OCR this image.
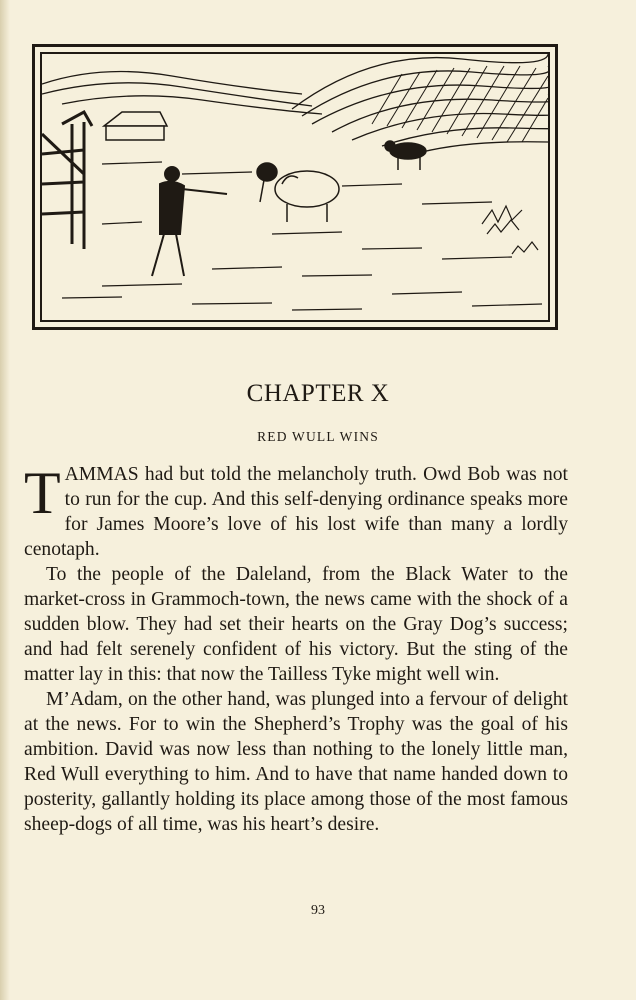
CHAPTER X
RED WULL WINS

TAMMAS had but told the melancholy truth. Owd Bob was not to run for the cup. And this self-denying ordinance speaks more for James Moore’s love of his lost wife than many a lordly cenotaph.

To the people of the Daleland, from the Black Water to the market-cross in Grammoch-town, the news came with the shock of a sudden blow. They had set their hearts on the Gray Dog’s success; and had felt serenely confident of his victory. But the sting of the matter lay in this: that now the Tailless Tyke might well win.

M’Adam, on the other hand, was plunged into a fervour of delight at the news. For to win the Shepherd’s Trophy was the goal of his ambition. David was now less than nothing to the lonely little man, Red Wull everything to him. And to have that name handed down to posterity, gallantly holding its place among those of the most famous sheep-dogs of all time, was his heart’s desire.

93
